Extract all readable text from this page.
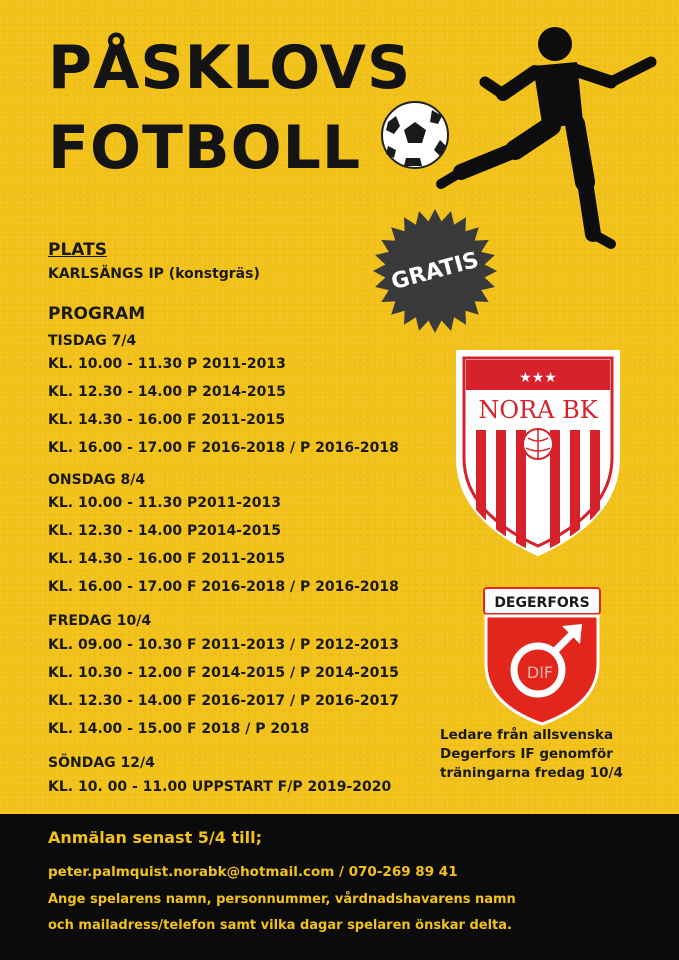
PÅSKLOVS
FOTBOLL
GRATIS
PLATS
KARLSÄNGS IP (konstgräs)
PROGRAM
TISDAG 7/4
KL. 10.00 - 11.30 P 2011-2013
KL. 12.30 - 14.00 P 2014-2015
KL. 14.30 - 16.00 F 2011-2015
KL. 16.00 - 17.00 F 2016-2018 / P 2016-2018
ONSDAG 8/4
KL. 10.00 - 11.30 P2011-2013
KL. 12.30 - 14.00 P2014-2015
KL. 14.30 - 16.00 F 2011-2015
KL. 16.00 - 17.00 F 2016-2018 / P 2016-2018
FREDAG 10/4
KL. 09.00 - 10.30 F 2011-2013 / P 2012-2013
KL. 10.30 - 12.00 F 2014-2015 / P 2014-2015
KL. 12.30 - 14.00 F 2016-2017 / P 2016-2017
KL. 14.00 - 15.00 F 2018 / P 2018
SÖNDAG 12/4
KL. 10. 00 - 11.00 UPPSTART F/P 2019-2020
★★★
NORA BK
DEGERFORS
DIF
Ledare från allsvenska
Degerfors IF genomför
träningarna fredag 10/4
Anmälan senast 5/4 till;
peter.palmquist.norabk@hotmail.com / 070-269 89 41
Ange spelarens namn, personnummer, vårdnadshavarens namn
och mailadress/telefon samt vilka dagar spelaren önskar delta.
